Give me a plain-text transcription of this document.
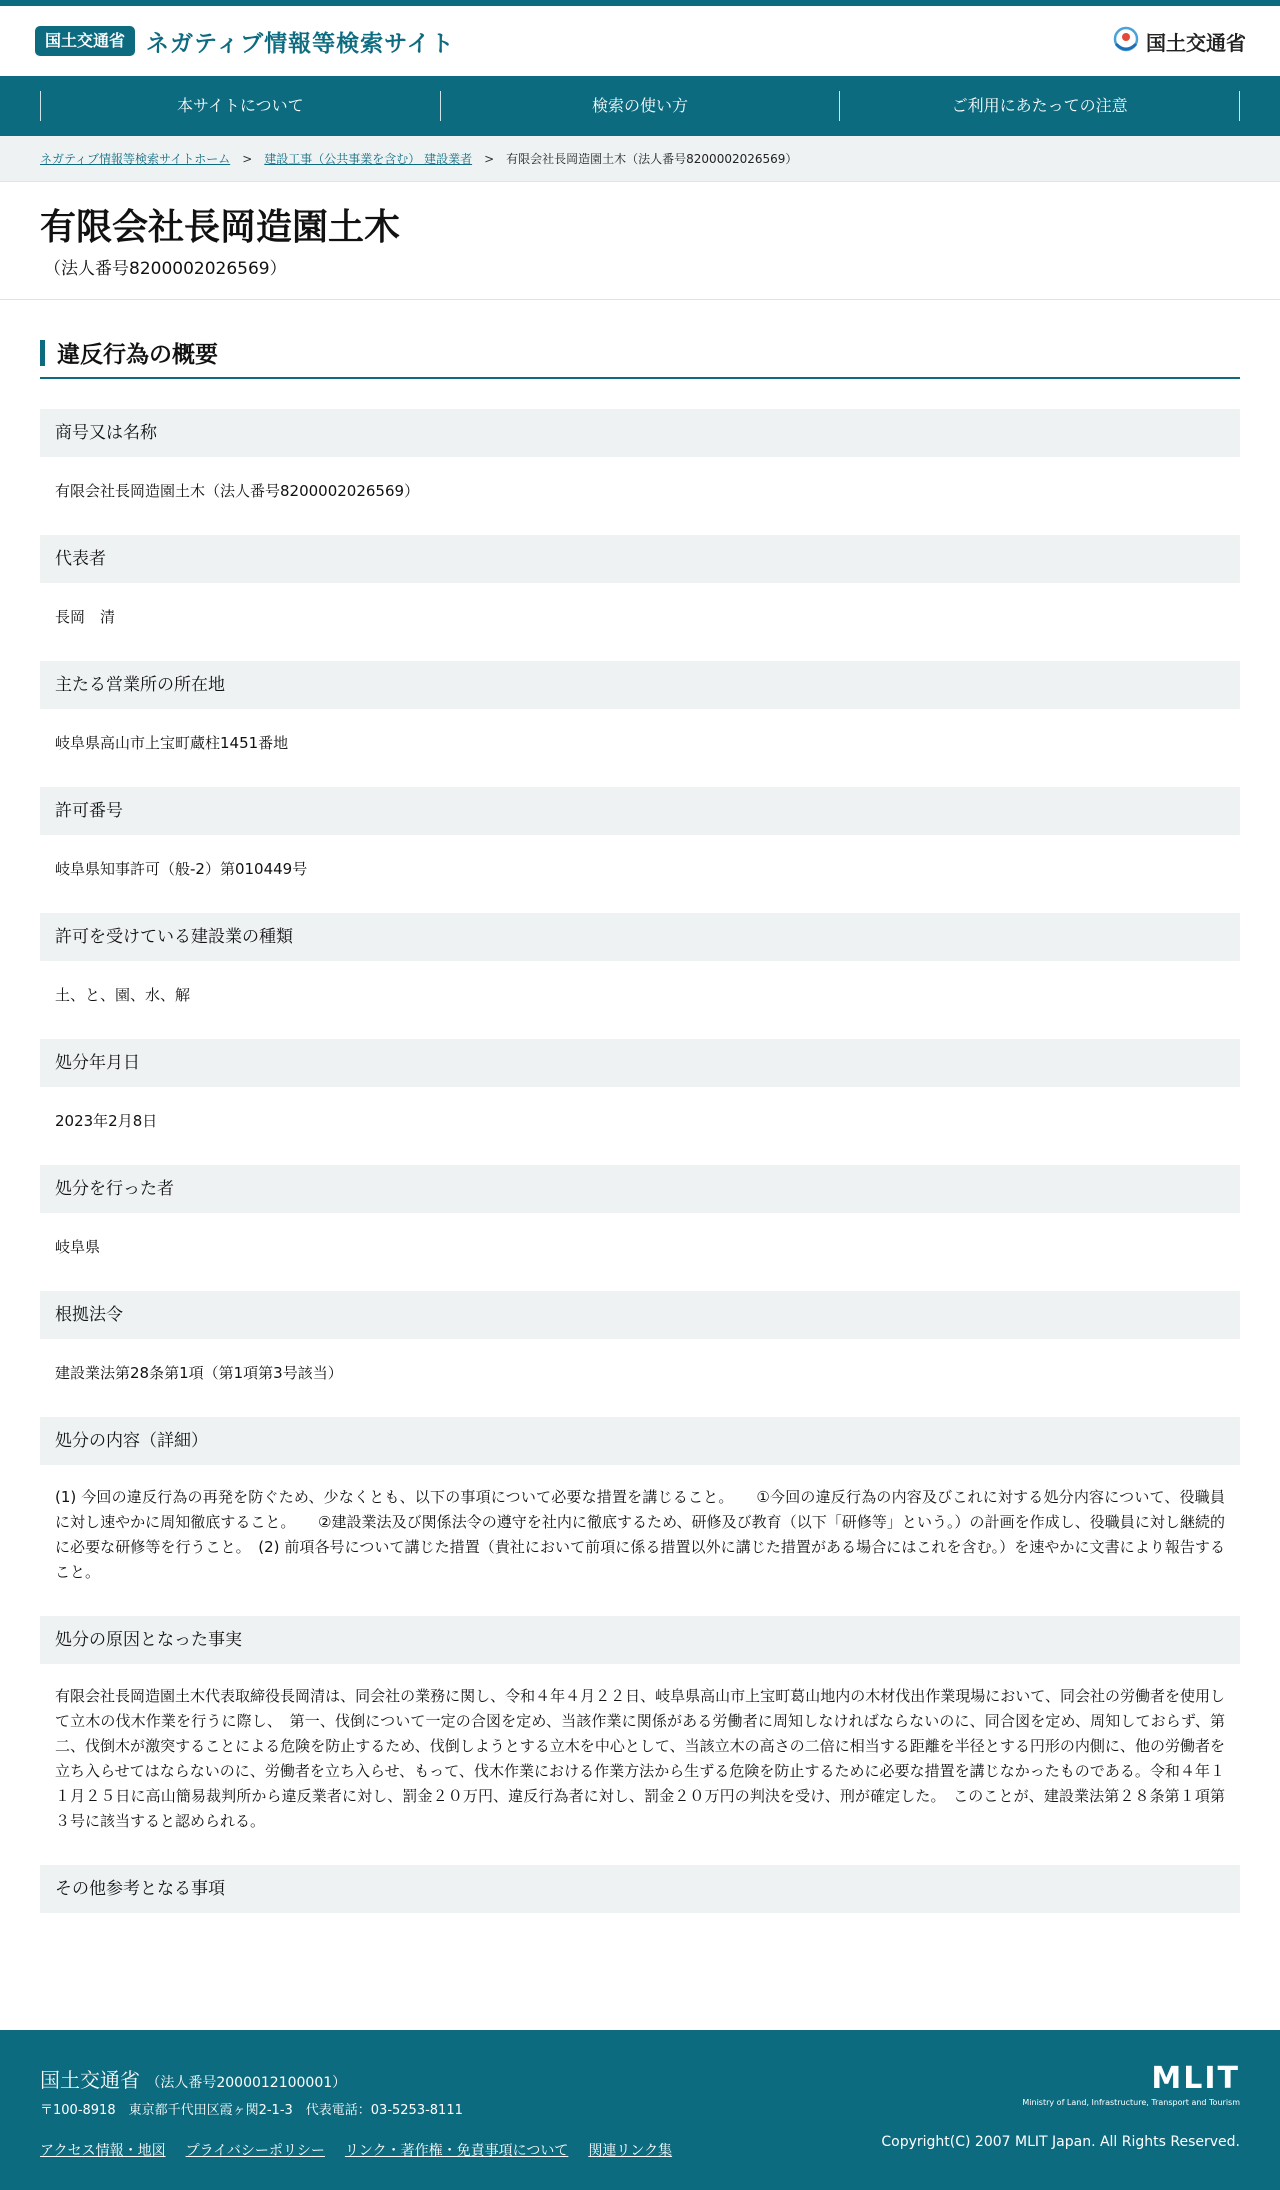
国土交通省 ネガティブ情報等検索サイト	国土交通省
本サイトについて	検索の使い方	ご利用にあたっての注意
ネガティブ情報等検索サイトホーム > 建設工事（公共事業を含む） 建設業者 > 有限会社長岡造園土木（法人番号8200002026569）
有限会社長岡造園土木
（法人番号8200002026569）
違反行為の概要
商号又は名称
有限会社長岡造園土木（法人番号8200002026569）
代表者
長岡　清
主たる営業所の所在地
岐阜県高山市上宝町蔵柱1451番地
許可番号
岐阜県知事許可（般-2）第010449号
許可を受けている建設業の種類
土、と、園、水、解
処分年月日
2023年2月8日
処分を行った者
岐阜県
根拠法令
建設業法第28条第1項（第1項第3号該当）
処分の内容（詳細）
(1) 今回の違反行為の再発を防ぐため、少なくとも、以下の事項について必要な措置を講じること。　　①今回の違反行為の内容及びこれに対する処分内容について、役職員に対し速やかに周知徹底すること。　　②建設業法及び関係法令の遵守を社内に徹底するため、研修及び教育（以下「研修等」という。）の計画を作成し、役職員に対し継続的に必要な研修等を行うこと。　(2) 前項各号について講じた措置（貴社において前項に係る措置以外に講じた措置がある場合にはこれを含む。）を速やかに文書により報告すること。
処分の原因となった事実
有限会社長岡造園土木代表取締役長岡清は、同会社の業務に関し、令和４年４月２２日、岐阜県高山市上宝町葛山地内の木材伐出作業現場において、同会社の労働者を使用して立木の伐木作業を行うに際し、　第一、伐倒について一定の合図を定め、当該作業に関係がある労働者に周知しなければならないのに、同合図を定め、周知しておらず、第二、伐倒木が激突することによる危険を防止するため、伐倒しようとする立木を中心として、当該立木の高さの二倍に相当する距離を半径とする円形の内側に、他の労働者を立ち入らせてはならないのに、労働者を立ち入らせ、もって、伐木作業における作業方法から生ずる危険を防止するために必要な措置を講じなかったものである。令和４年１１月２５日に高山簡易裁判所から違反業者に対し、罰金２０万円、違反行為者に対し、罰金２０万円の判決を受け、刑が確定した。　このことが、建設業法第２８条第１項第３号に該当すると認められる。
その他参考となる事項
国土交通省 （法人番号2000012100001）
〒100-8918　東京都千代田区霞ヶ関2-1-3　代表電話：03-5253-8111
アクセス情報・地図 プライバシーポリシー リンク・著作権・免責事項について 関連リンク集
MLIT
Ministry of Land, Infrastructure, Transport and Tourism
Copyright(C) 2007 MLIT Japan. All Rights Reserved.
